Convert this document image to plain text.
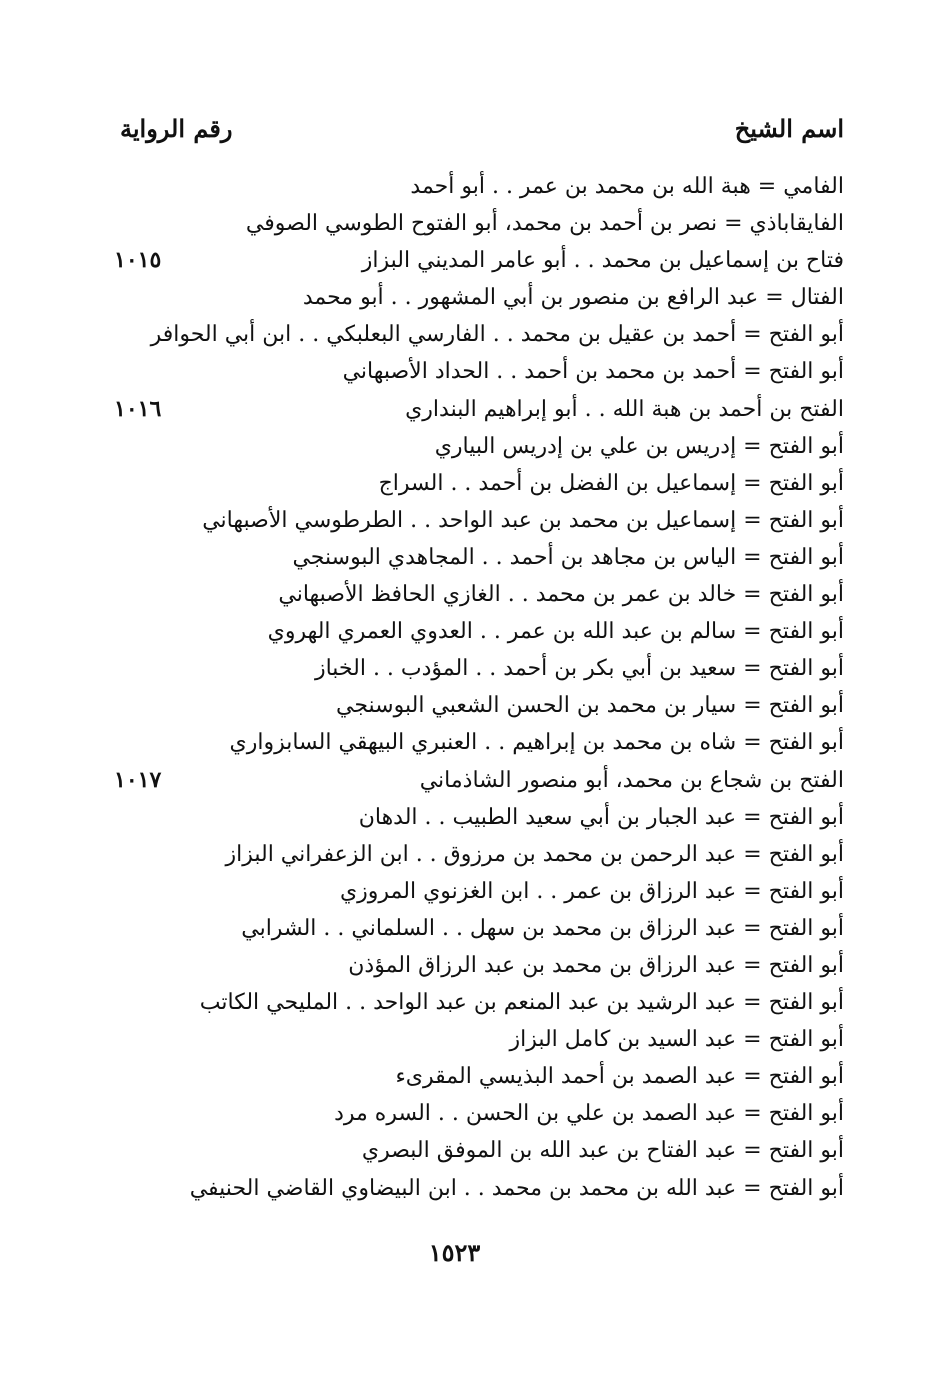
اسم الشيخ
رقم الرواية
الفامي = هبة الله بن محمد بن عمر . . أبو أحمد
الفايقاباذي = نصر بن أحمد بن محمد، أبو الفتوح الطوسي الصوفي
فتاح بن إسماعيل بن محمد . . أبو عامر المديني البزاز
١٠١٥
الفتال = عبد الرافع بن منصور بن أبي المشهور . . أبو محمد
أبو الفتح = أحمد بن عقيل بن محمد . . الفارسي البعلبكي . . ابن أبي الحوافر
أبو الفتح = أحمد بن محمد بن أحمد . . الحداد الأصبهاني
الفتح بن أحمد بن هبة الله . . أبو إبراهيم البنداري
١٠١٦
أبو الفتح = إدريس بن علي بن إدريس البياري
أبو الفتح = إسماعيل بن الفضل بن أحمد . . السراج
أبو الفتح = إسماعيل بن محمد بن عبد الواحد . . الطرطوسي الأصبهاني
أبو الفتح = الياس بن مجاهد بن أحمد . . المجاهدي البوسنجي
أبو الفتح = خالد بن عمر بن محمد . . الغازي الحافظ الأصبهاني
أبو الفتح = سالم بن عبد الله بن عمر . . العدوي العمري الهروي
أبو الفتح = سعيد بن أبي بكر بن أحمد . . المؤدب . . الخباز
أبو الفتح = سيار بن محمد بن الحسن الشعبي البوسنجي
أبو الفتح = شاه بن محمد بن إبراهيم . . العنبري البيهقي السابزواري
الفتح بن شجاع بن محمد، أبو منصور الشاذماني
١٠١٧
أبو الفتح = عبد الجبار بن أبي سعيد الطبيب . . الدهان
أبو الفتح = عبد الرحمن بن محمد بن مرزوق . . ابن الزعفراني البزاز
أبو الفتح = عبد الرزاق بن عمر . . ابن الغزنوي المروزي
أبو الفتح = عبد الرزاق بن محمد بن سهل . . السلماني . . الشرابي
أبو الفتح = عبد الرزاق بن محمد بن عبد الرزاق المؤذن
أبو الفتح = عبد الرشيد بن عبد المنعم بن عبد الواحد . . المليحي الكاتب
أبو الفتح = عبد السيد بن كامل البزاز
أبو الفتح = عبد الصمد بن أحمد البذيسي المقرىء
أبو الفتح = عبد الصمد بن علي بن الحسن . . السره مرد
أبو الفتح = عبد الفتاح بن عبد الله بن الموفق البصري
أبو الفتح = عبد الله بن محمد بن محمد . . ابن البيضاوي القاضي الحنيفي
١٥٢٣
